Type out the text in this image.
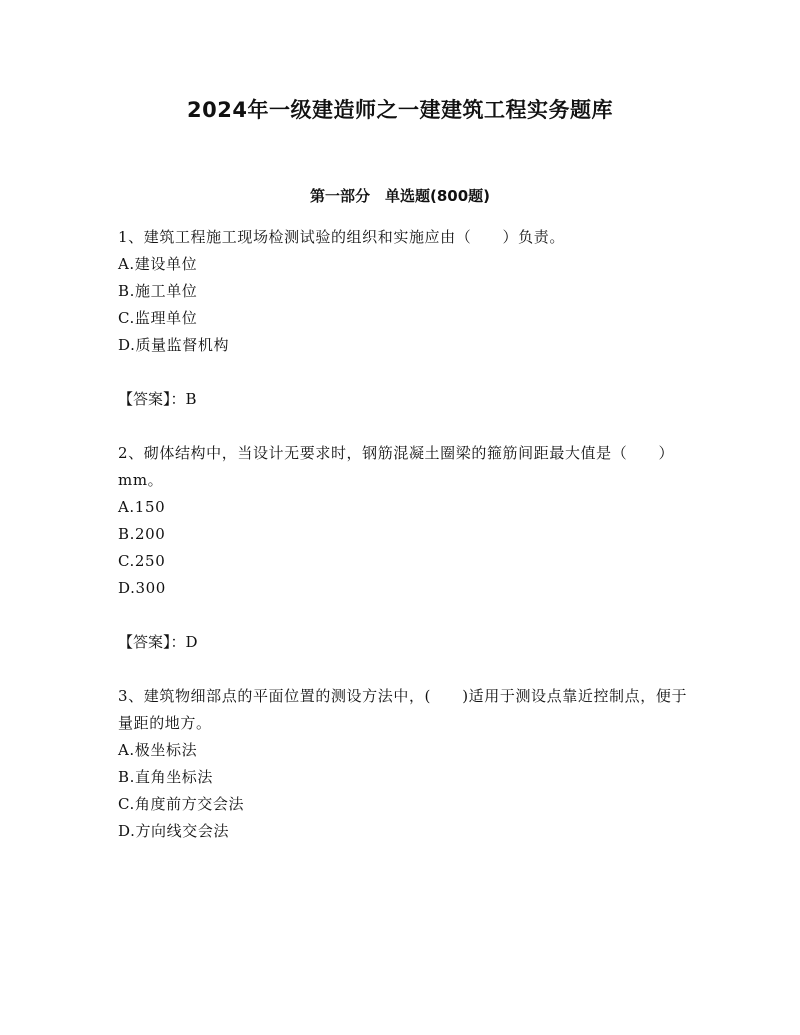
2024年一级建造师之一建建筑工程实务题库
第一部分　单选题(800题)

1、建筑工程施工现场检测试验的组织和实施应由（　　）负责。

A.建设单位
B.施工单位
C.监理单位
D.质量监督机构

【答案】：B

2、砌体结构中，当设计无要求时，钢筋混凝土圈梁的箍筋间距最大值是（　　）mm。

A.150
B.200
C.250
D.300

【答案】：D

3、建筑物细部点的平面位置的测设方法中，(　　)适用于测设点靠近控制点，便于量距的地方。

A.极坐标法
B.直角坐标法
C.角度前方交会法
D.方向线交会法
